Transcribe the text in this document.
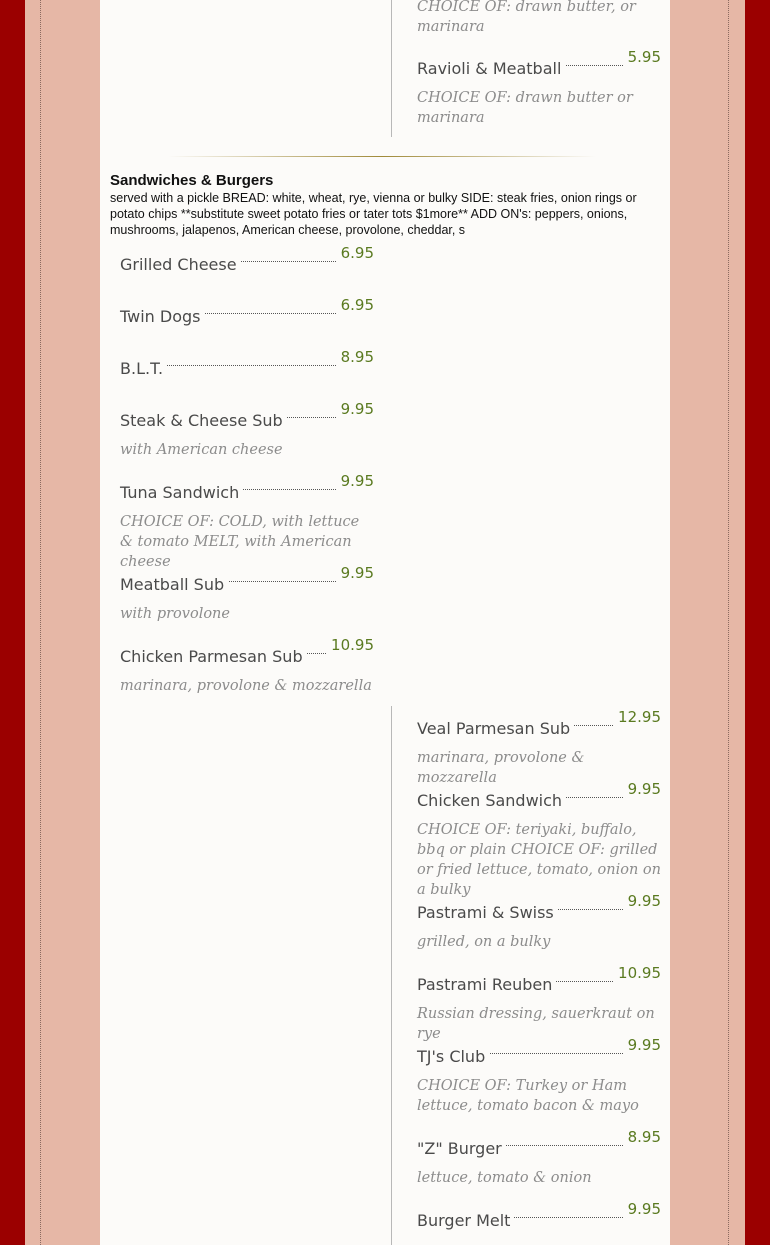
CHOICE OF: drawn butter, or marinara
Ravioli & Meatball
5.95
CHOICE OF: drawn butter or marinara
Sandwiches & Burgers
served with a pickle BREAD: white, wheat, rye, vienna or bulky SIDE: steak fries, onion rings or potato chips **substitute sweet potato fries or tater tots $1more** ADD ON's: peppers, onions, mushrooms, jalapenos, American cheese, provolone, cheddar, s
Grilled Cheese
6.95
Twin Dogs
6.95
B.L.T.
8.95
Steak & Cheese Sub
9.95
with American cheese
Tuna Sandwich
9.95
CHOICE OF: COLD, with lettuce & tomato MELT, with American cheese
Meatball Sub
9.95
with provolone
Chicken Parmesan Sub
10.95
marinara, provolone & mozzarella
Veal Parmesan Sub
12.95
marinara, provolone & mozzarella
Chicken Sandwich
9.95
CHOICE OF: teriyaki, buffalo, bbq or plain CHOICE OF: grilled or fried lettuce, tomato, onion on a bulky
Pastrami & Swiss
9.95
grilled, on a bulky
Pastrami Reuben
10.95
Russian dressing, sauerkraut on rye
TJ's Club
9.95
CHOICE OF: Turkey or Ham lettuce, tomato bacon & mayo
"Z" Burger
8.95
lettuce, tomato & onion
Burger Melt
9.95
